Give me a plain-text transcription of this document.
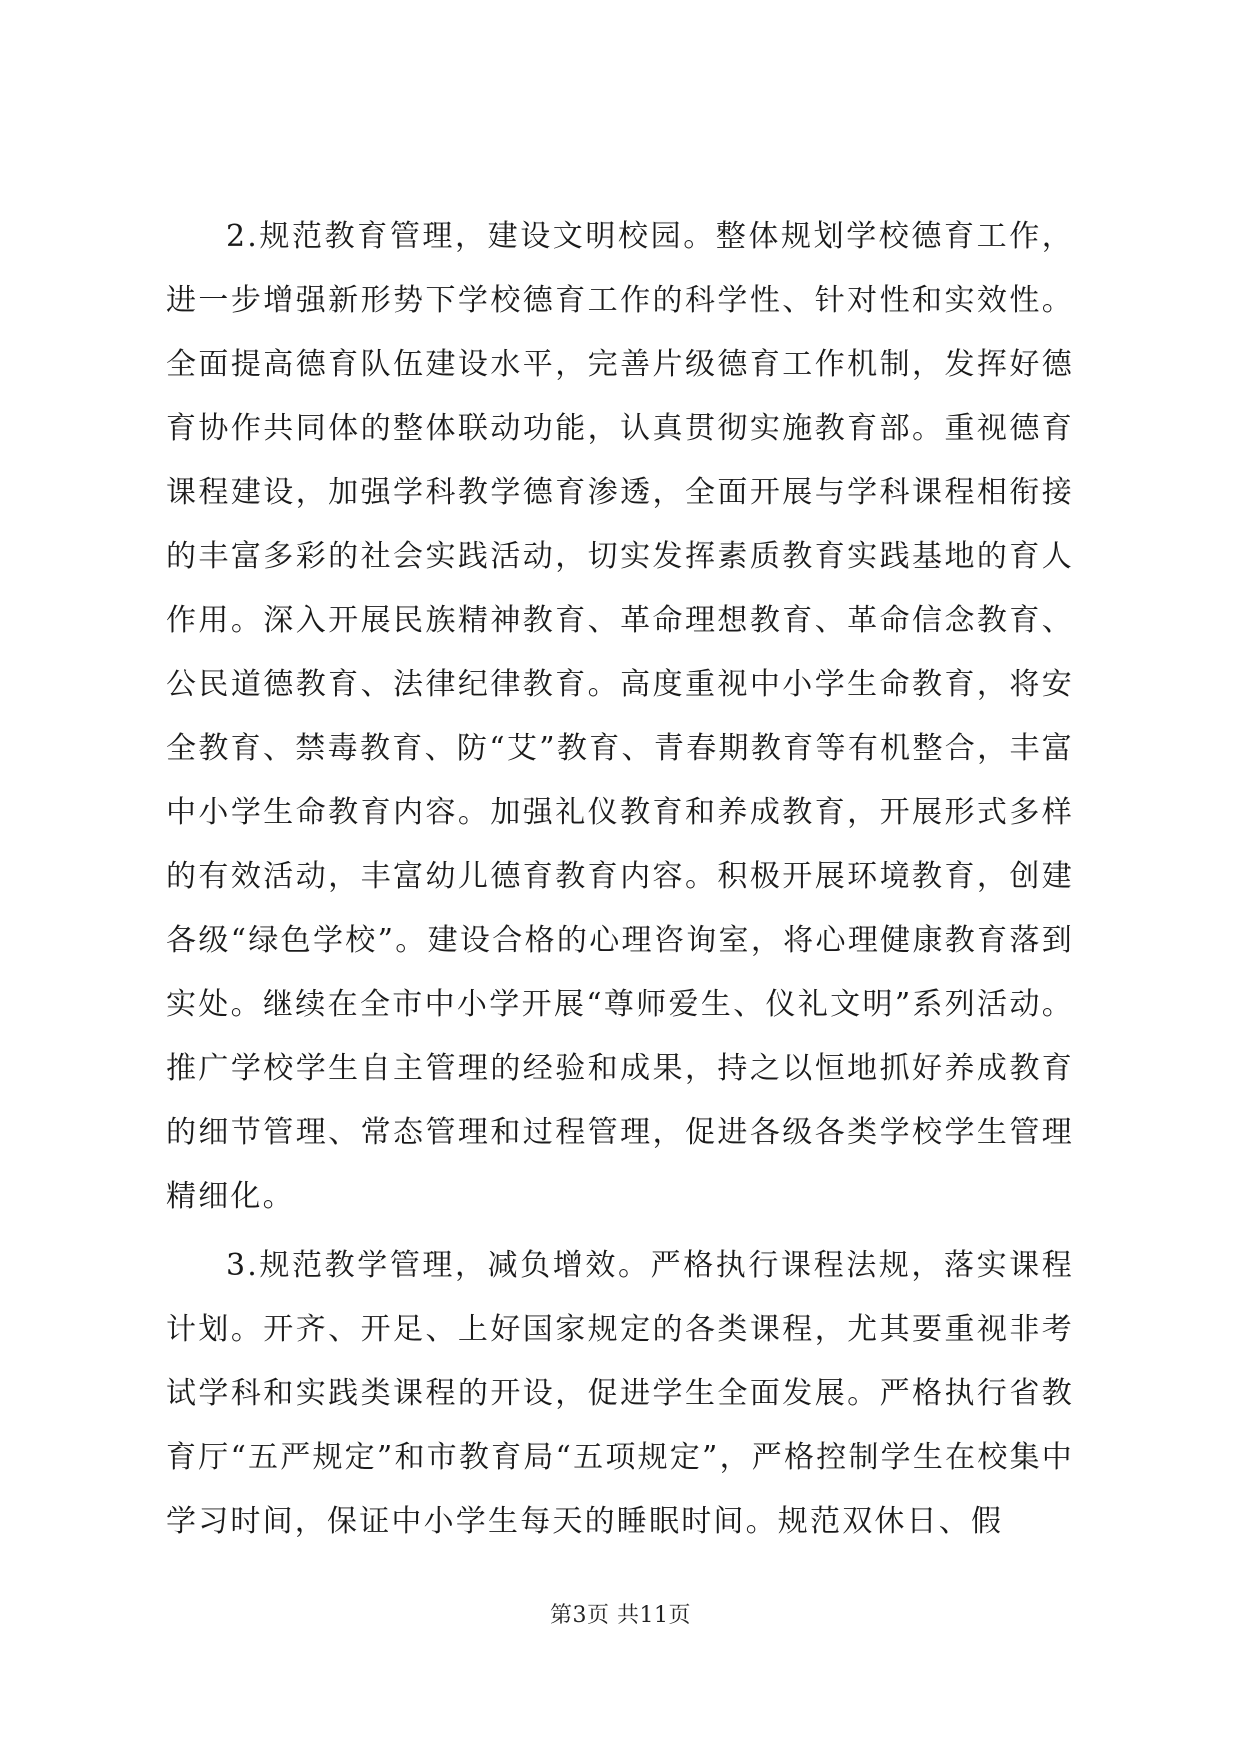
2.规范教育管理，建设文明校园。整体规划学校德育工作，进一步增强新形势下学校德育工作的科学性、针对性和实效性。全面提高德育队伍建设水平，完善片级德育工作机制，发挥好德育协作共同体的整体联动功能，认真贯彻实施教育部。重视德育课程建设，加强学科教学德育渗透，全面开展与学科课程相衔接的丰富多彩的社会实践活动，切实发挥素质教育实践基地的育人作用。深入开展民族精神教育、革命理想教育、革命信念教育、公民道德教育、法律纪律教育。高度重视中小学生命教育，将安全教育、禁毒教育、防“艾”教育、青春期教育等有机整合，丰富中小学生命教育内容。加强礼仪教育和养成教育，开展形式多样的有效活动，丰富幼儿德育教育内容。积极开展环境教育，创建各级“绿色学校”。建设合格的心理咨询室，将心理健康教育落到实处。继续在全市中小学开展“尊师爱生、仪礼文明”系列活动。推广学校学生自主管理的经验和成果，持之以恒地抓好养成教育的细节管理、常态管理和过程管理，促进各级各类学校学生管理精细化。

3.规范教学管理，减负增效。严格执行课程法规，落实课程计划。开齐、开足、上好国家规定的各类课程，尤其要重视非考试学科和实践类课程的开设，促进学生全面发展。严格执行省教育厅“五严规定”和市教育局“五项规定”，严格控制学生在校集中学习时间，保证中小学生每天的睡眠时间。规范双休日、假

第3页 共11页
